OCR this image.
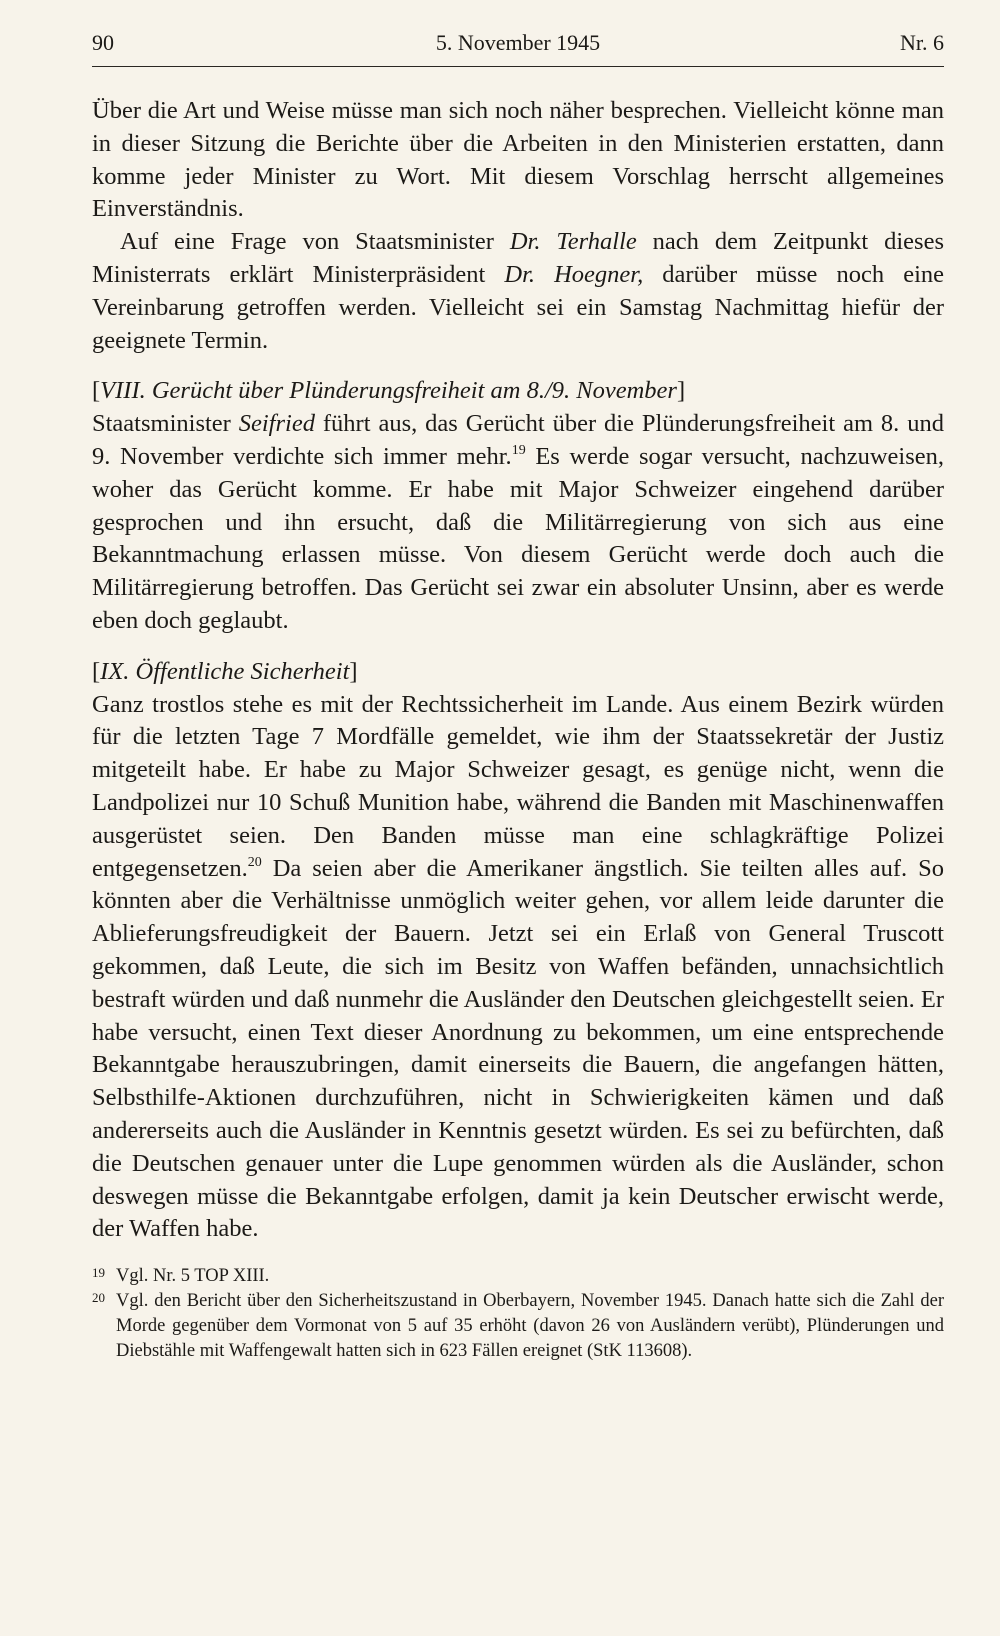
90	5. November 1945	Nr. 6

Über die Art und Weise müsse man sich noch näher besprechen. Vielleicht könne man in dieser Sitzung die Berichte über die Arbeiten in den Ministerien erstatten, dann komme jeder Minister zu Wort. Mit diesem Vorschlag herrscht allgemeines Einverständnis.

Auf eine Frage von Staatsminister Dr. Terhalle nach dem Zeitpunkt dieses Ministerrats erklärt Ministerpräsident Dr. Hoegner, darüber müsse noch eine Vereinbarung getroffen werden. Vielleicht sei ein Samstag Nachmittag hiefür der geeignete Termin.

[VIII. Gerücht über Plünderungsfreiheit am 8./9. November]

Staatsminister Seifried führt aus, das Gerücht über die Plünderungsfreiheit am 8. und 9. November verdichte sich immer mehr.$^{19}$ Es werde sogar versucht, nachzuweisen, woher das Gerücht komme. Er habe mit Major Schweizer eingehend darüber gesprochen und ihn ersucht, daß die Militärregierung von sich aus eine Bekanntmachung erlassen müsse. Von diesem Gerücht werde doch auch die Militärregierung betroffen. Das Gerücht sei zwar ein absoluter Unsinn, aber es werde eben doch geglaubt.

[IX. Öffentliche Sicherheit]

Ganz trostlos stehe es mit der Rechtssicherheit im Lande. Aus einem Bezirk würden für die letzten Tage 7 Mordfälle gemeldet, wie ihm der Staatssekretär der Justiz mitgeteilt habe. Er habe zu Major Schweizer gesagt, es genüge nicht, wenn die Landpolizei nur 10 Schuß Munition habe, während die Banden mit Maschinenwaffen ausgerüstet seien. Den Banden müsse man eine schlagkräftige Polizei entgegensetzen.$^{20}$ Da seien aber die Amerikaner ängstlich. Sie teilten alles auf. So könnten aber die Verhältnisse unmöglich weiter gehen, vor allem leide darunter die Ablieferungsfreudigkeit der Bauern. Jetzt sei ein Erlaß von General Truscott gekommen, daß Leute, die sich im Besitz von Waffen befänden, unnachsichtlich bestraft würden und daß nunmehr die Ausländer den Deutschen gleichgestellt seien. Er habe versucht, einen Text dieser Anordnung zu bekommen, um eine entsprechende Bekanntgabe herauszubringen, damit einerseits die Bauern, die angefangen hätten, Selbsthilfe-Aktionen durchzuführen, nicht in Schwierigkeiten kämen und daß andererseits auch die Ausländer in Kenntnis gesetzt würden. Es sei zu befürchten, daß die Deutschen genauer unter die Lupe genommen würden als die Ausländer, schon deswegen müsse die Bekanntgabe erfolgen, damit ja kein Deutscher erwischt werde, der Waffen habe.

19 Vgl. Nr. 5 TOP XIII.
20 Vgl. den Bericht über den Sicherheitszustand in Oberbayern, November 1945. Danach hatte sich die Zahl der Morde gegenüber dem Vormonat von 5 auf 35 erhöht (davon 26 von Ausländern verübt), Plünderungen und Diebstähle mit Waffengewalt hatten sich in 623 Fällen ereignet (StK 113608).
